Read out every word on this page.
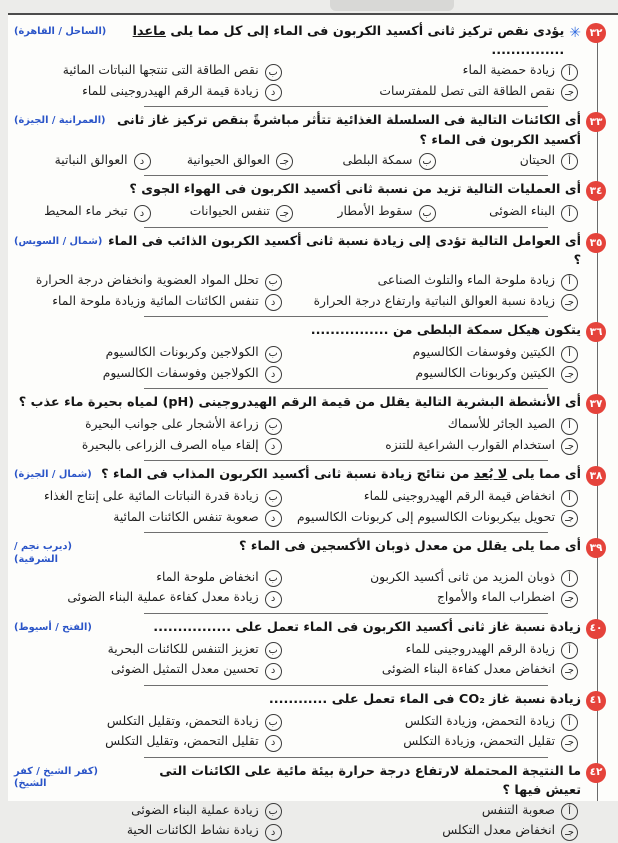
٣٢
✳
يؤدى نقص تركيز ثانى أكسيد الكربون فى الماء إلى كل مما يلى ماعدا ...............
(الساحل / القاهرة)
أ
زيادة حمضية الماء
ب
نقص الطاقة التى تنتجها النباتات المائية
جـ
نقص الطاقة التى تصل للمفترسات
د
زيادة قيمة الرقم الهيدروجينى للماء
٣٣
أى الكائنات التالية فى السلسلة الغذائية تتأثر مباشرةً بنقص تركيز غاز ثانى أكسيد الكربون فى الماء ؟
(العمرانية / الجيزة)
أ
الحيتان
ب
سمكة البلطى
جـ
العوالق الحيوانية
د
العوالق النباتية
٣٤
أى العمليات التالية تزيد من نسبة ثانى أكسيد الكربون فى الهواء الجوى ؟
أ
البناء الضوئى
ب
سقوط الأمطار
جـ
تنفس الحيوانات
د
تبخر ماء المحيط
٣٥
أى العوامل التالية تؤدى إلى زيادة نسبة ثانى أكسيد الكربون الذائب فى الماء ؟
(شمال / السويس)
أ
زيادة ملوحة الماء والتلوث الصناعى
ب
تحلل المواد العضوية وانخفاض درجة الحرارة
جـ
زيادة نسبة العوالق النباتية وارتفاع درجة الحرارة
د
تنفس الكائنات المائية وزيادة ملوحة الماء
٣٦
يتكون هيكل سمكة البلطى من ................
أ
الكيتين وفوسفات الكالسيوم
ب
الكولاجين وكربونات الكالسيوم
جـ
الكيتين وكربونات الكالسيوم
د
الكولاجين وفوسفات الكالسيوم
٣٧
أى الأنشطة البشرية التالية يقلل من قيمة الرقم الهيدروجينى (pH) لمياه بحيرة ماء عذب ؟
أ
الصيد الجائر للأسماك
ب
زراعة الأشجار على جوانب البحيرة
جـ
استخدام القوارب الشراعية للتنزه
د
إلقاء مياه الصرف الزراعى بالبحيرة
٣٨
أى مما يلى لا يُعد من نتائج زيادة نسبة ثانى أكسيد الكربون المذاب فى الماء ؟
(شمال / الجيزة)
أ
انخفاض قيمة الرقم الهيدروجينى للماء
ب
زيادة قدرة النباتات المائية على إنتاج الغذاء
جـ
تحويل بيكربونات الكالسيوم إلى كربونات الكالسيوم
د
صعوبة تنفس الكائنات المائية
٣٩
أى مما يلى يقلل من معدل ذوبان الأكسجين فى الماء ؟
(ديرب نجم / الشرقية)
أ
ذوبان المزيد من ثانى أكسيد الكربون
ب
انخفاض ملوحة الماء
جـ
اضطراب الماء والأمواج
د
زيادة معدل كفاءة عملية البناء الضوئى
٤٠
زيادة نسبة غاز ثانى أكسيد الكربون فى الماء تعمل على ................
(الفتح / أسيوط)
أ
زيادة الرقم الهيدروجينى للماء
ب
تعزيز التنفس للكائنات البحرية
جـ
انخفاض معدل كفاءة البناء الضوئى
د
تحسين معدل التمثيل الضوئى
٤١
زيادة نسبة غاز CO₂ فى الماء تعمل على ............
أ
زيادة التحمض، وزيادة التكلس
ب
زيادة التحمض، وتقليل التكلس
جـ
تقليل التحمض، وزيادة التكلس
د
تقليل التحمض، وتقليل التكلس
٤٢
ما النتيجة المحتملة لارتفاع درجة حرارة بيئة مائية على الكائنات التى تعيش فيها ؟
(كفر الشيخ / كفر الشيخ)
أ
صعوبة التنفس
ب
زيادة عملية البناء الضوئى
جـ
انخفاض معدل التكلس
د
زيادة نشاط الكائنات الحية
